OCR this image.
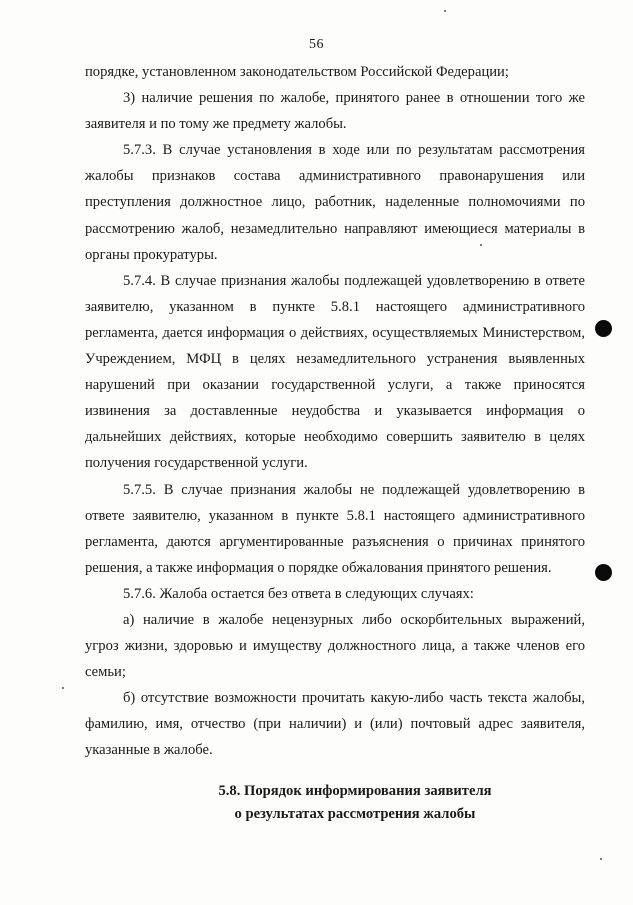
56

порядке, установленном законодательством Российской Федерации;

3) наличие решения по жалобе, принятого ранее в отношении того же заявителя и по тому же предмету жалобы.

5.7.3. В случае установления в ходе или по результатам рассмотрения жалобы признаков состава административного правонарушения или преступления должностное лицо, работник, наделенные полномочиями по рассмотрению жалоб, незамедлительно направляют имеющиеся материалы в органы прокуратуры.

5.7.4. В случае признания жалобы подлежащей удовлетворению в ответе заявителю, указанном в пункте 5.8.1 настоящего административного регламента, дается информация о действиях, осуществляемых Министерством, Учреждением, МФЦ в целях незамедлительного устранения выявленных нарушений при оказании государственной услуги, а также приносятся извинения за доставленные неудобства и указывается информация о дальнейших действиях, которые необходимо совершить заявителю в целях получения государственной услуги.

5.7.5. В случае признания жалобы не подлежащей удовлетворению в ответе заявителю, указанном в пункте 5.8.1 настоящего административного регламента, даются аргументированные разъяснения о причинах принятого решения, а также информация о порядке обжалования принятого решения.

5.7.6. Жалоба остается без ответа в следующих случаях:

а) наличие в жалобе нецензурных либо оскорбительных выражений, угроз жизни, здоровью и имуществу должностного лица, а также членов его семьи;

б) отсутствие возможности прочитать какую-либо часть текста жалобы, фамилию, имя, отчество (при наличии) и (или) почтовый адрес заявителя, указанные в жалобе.

5.8. Порядок информирования заявителя
о результатах рассмотрения жалобы
